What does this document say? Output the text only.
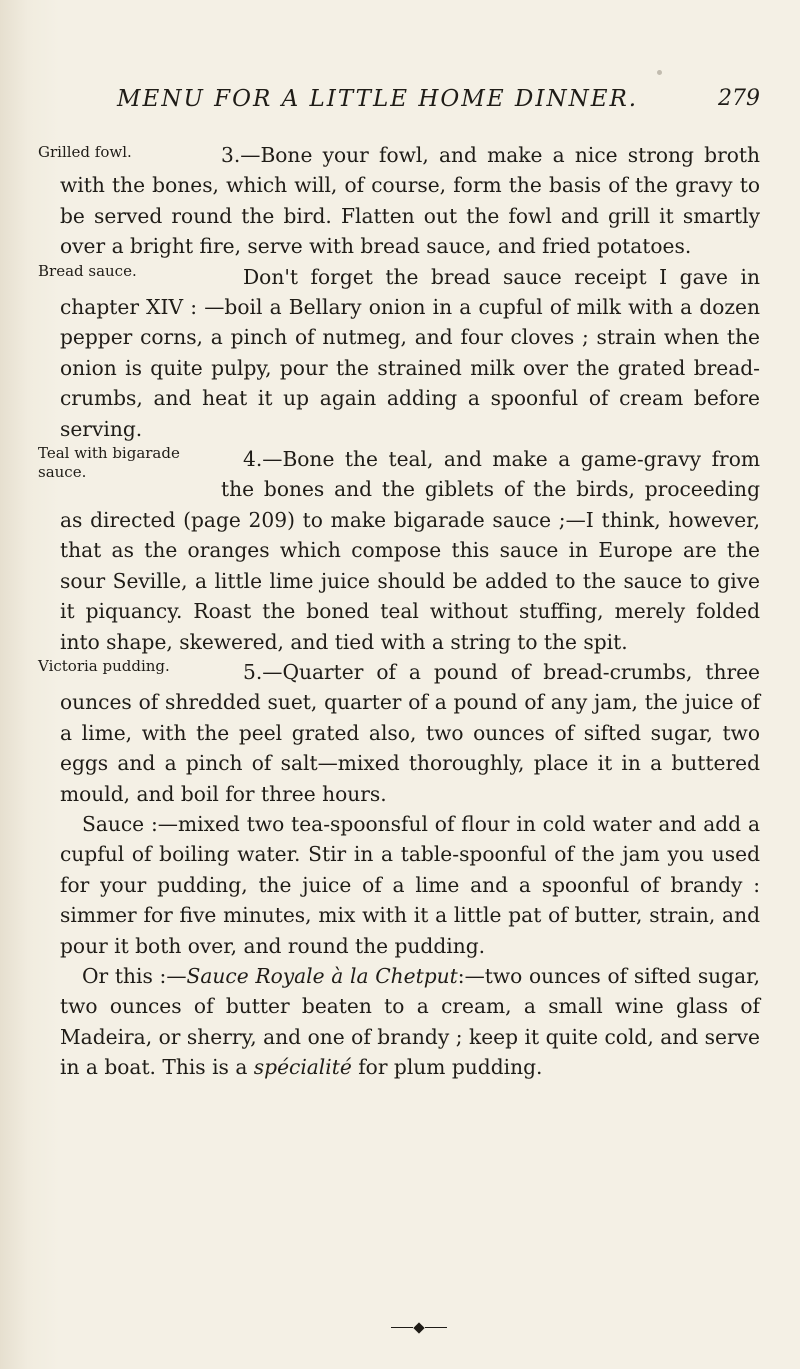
MENU FOR A LITTLE HOME DINNER.	279

Grilled fowl.	3.—Bone your fowl, and make a nice strong broth with the bones, which will, of course, form the basis of the gravy to be served round the bird. Flatten out the fowl and grill it smartly over a bright fire, serve with bread sauce, and fried potatoes.

Bread sauce.	Don't forget the bread sauce receipt I gave in chapter XIV : —boil a Bellary onion in a cupful of milk with a dozen pepper corns, a pinch of nutmeg, and four cloves ; strain when the onion is quite pulpy, pour the strained milk over the grated bread-crumbs, and heat it up again adding a spoonful of cream before serving.

Teal with bigarade sauce.
4.—Bone the teal, and make a game-gravy from the bones and the giblets of the birds, proceeding as directed (page 209) to make bigarade sauce ;—I think, however, that as the oranges which compose this sauce in Europe are the sour Seville, a little lime juice should be added to the sauce to give it piquancy. Roast the boned teal without stuffing, merely folded into shape, skewered, and tied with a string to the spit.

Victoria pudding.	5.—Quarter of a pound of bread-crumbs, three ounces of shredded suet, quarter of a pound of any jam, the juice of a lime, with the peel grated also, two ounces of sifted sugar, two eggs and a pinch of salt—mixed thoroughly, place it in a buttered mould, and boil for three hours.

Sauce :—mixed two tea-spoonsful of flour in cold water and add a cupful of boiling water. Stir in a table-spoonful of the jam you used for your pudding, the juice of a lime and a spoonful of brandy : simmer for five minutes, mix with it a little pat of butter, strain, and pour it both over, and round the pudding.

Or this :—Sauce Royale à la Chetput:—two ounces of sifted sugar, two ounces of butter beaten to a cream, a small wine glass of Madeira, or sherry, and one of brandy ; keep it quite cold, and serve in a boat. This is a spécialité for plum pudding.
